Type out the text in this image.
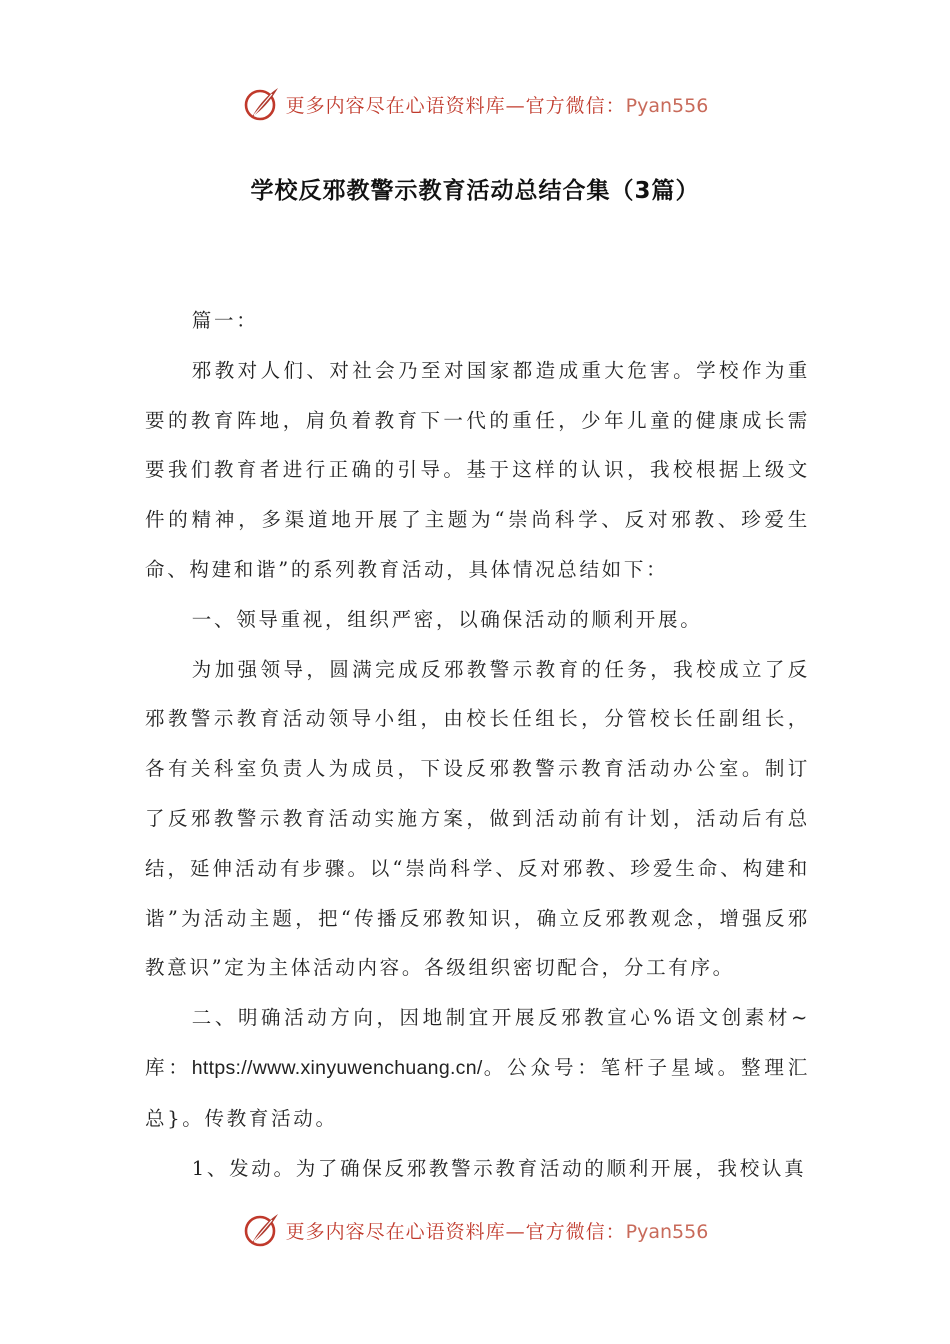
更多内容尽在心语资料库—官方微信：Pyan556
学校反邪教警示教育活动总结合集（3篇）

篇一：

邪教对人们、对社会乃至对国家都造成重大危害。学校作为重要的教育阵地，肩负着教育下一代的重任，少年儿童的健康成长需要我们教育者进行正确的引导。基于这样的认识，我校根据上级文件的精神，多渠道地开展了主题为“崇尚科学、反对邪教、珍爱生命、构建和谐”的系列教育活动，具体情况总结如下：

一、领导重视，组织严密，以确保活动的顺利开展。

为加强领导，圆满完成反邪教警示教育的任务，我校成立了反邪教警示教育活动领导小组，由校长任组长，分管校长任副组长，各有关科室负责人为成员，下设反邪教警示教育活动办公室。制订了反邪教警示教育活动实施方案，做到活动前有计划，活动后有总结，延伸活动有步骤。以“崇尚科学、反对邪教、珍爱生命、构建和谐”为活动主题，把“传播反邪教知识，确立反邪教观念，增强反邪教意识”定为主体活动内容。各级组织密切配合，分工有序。

二、明确活动方向，因地制宜开展反邪教宣心%语文创素材~库：https://www.xinyuwenchuang.cn/。公众号：笔杆子星域。整理汇总}。传教育活动。

1、发动。为了确保反邪教警示教育活动的顺利开展，我校认真

更多内容尽在心语资料库—官方微信：Pyan556
